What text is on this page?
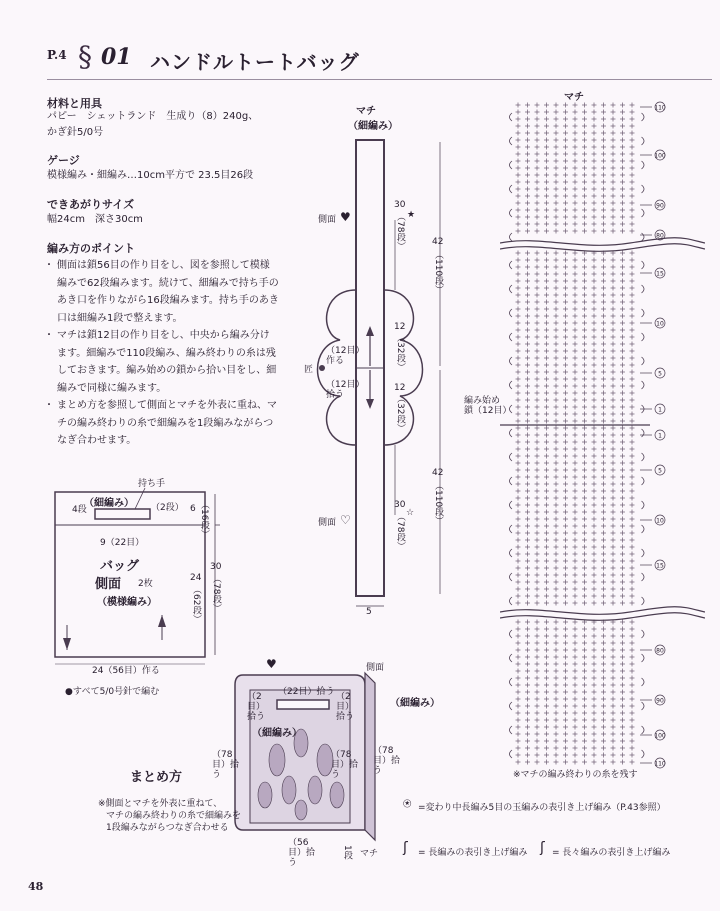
P.4 § 01 ハンドルトートバッグ
材料と用具
パピー　シェットランド　生成り（8）240g、
かぎ針5/0号
ゲージ
模様編み・細編み…10cm平方で 23.5目26段
できあがりサイズ
幅24cm　深さ30cm
編み方のポイント
・ 側面は鎖56目の作り目をし、図を参照して模様編みで62段編みます。続けて、細編みで持ち手のあき口を作りながら16段編みます。持ち手のあき口は細編み1段で整えます。
・ マチは鎖12目の作り目をし、中央から編み分けます。細編みで110段編み、編み終わりの糸は残しておきます。編み始めの鎖から拾い目をし、細編みで同様に編みます。
・ まとめ方を参照して側面とマチを外表に重ね、マチの編み終わりの糸で細編みを1段編みながらつなぎ合わせます。
持ち手
（細編み）
4段	（2段） 6 （16段）
9（22目）
バッグ
側面 2枚
（模様編み）
30
（78段）
24
（62段）
24（56目）作る
●すべて5/0号針で編む
マチ
（細編み）
側面 ♥
側面 ♡
30
（78段） ★
42
（110段）
12
（32段）
12
（32段）
（12目）作る
（12目）拾う
匠
42
（110段）
30
（78段） ☆
5
マチ
110
100
90
80
15
10
5
1
1
5
10
15
80
90
100
110
編み始め
鎖（12目）
※マチの編み終わりの糸を残す
♥	側面
（22目）拾う
（細編み）
（2目）拾う
（2目）拾う
（細編み）
（78目）拾う
（78目）拾う
（78目）拾う
（56目）拾う
1段 マチ
まとめ方
※側面とマチを外表に重ねて、
マチの編み終わりの糸で細編みを
1段編みながらつなぎ合わせる
⍟ =変わり中長編み5目の玉編みの表引き上げ編み（P.43参照）
ʃ = 長編みの表引き上げ編み ʃ = 長々編みの表引き上げ編み
48
